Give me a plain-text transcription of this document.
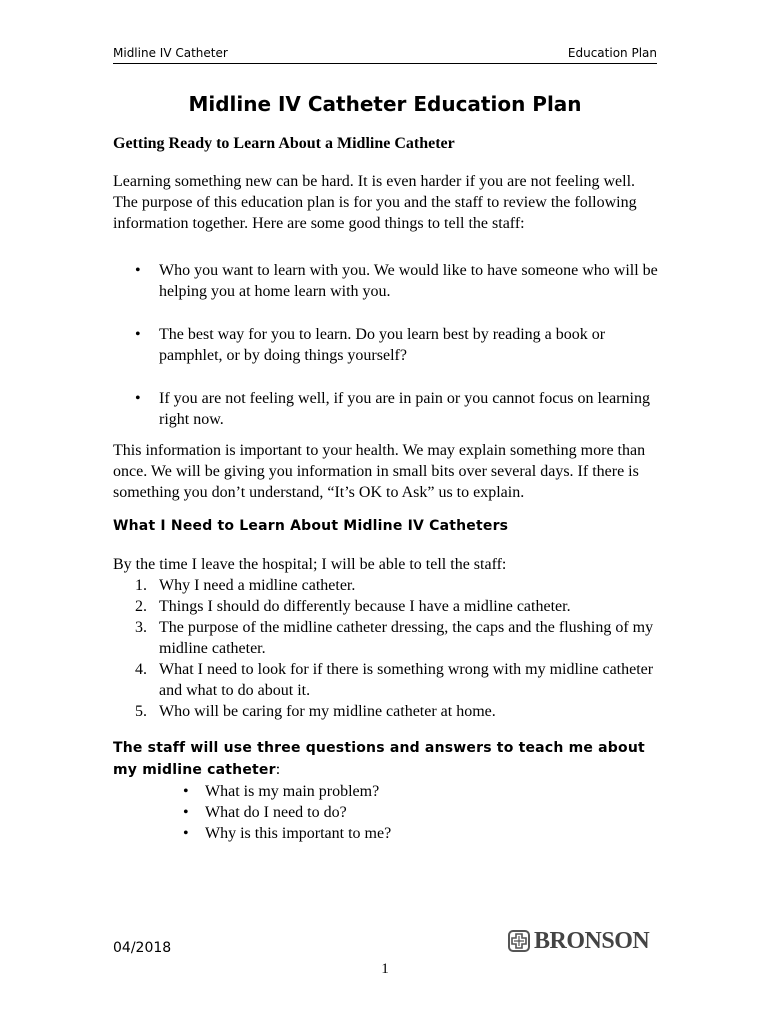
Midline IV Catheter	Education Plan
Midline IV Catheter Education Plan
Getting Ready to Learn About a Midline Catheter

Learning something new can be hard. It is even harder if you are not feeling well. The purpose of this education plan is for you and the staff to review the following information together. Here are some good things to tell the staff:

• Who you want to learn with you. We would like to have someone who will be helping you at home learn with you.
• The best way for you to learn. Do you learn best by reading a book or pamphlet, or by doing things yourself?
• If you are not feeling well, if you are in pain or you cannot focus on learning right now.

This information is important to your health. We may explain something more than once. We will be giving you information in small bits over several days. If there is something you don’t understand, “It’s OK to Ask” us to explain.

What I Need to Learn About Midline IV Catheters

By the time I leave the hospital; I will be able to tell the staff:

1. Why I need a midline catheter.
2. Things I should do differently because I have a midline catheter.
3. The purpose of the midline catheter dressing, the caps and the flushing of my midline catheter.
4. What I need to look for if there is something wrong with my midline catheter and what to do about it.
5. Who will be caring for my midline catheter at home.
The staff will use three questions and answers to teach me about my midline catheter:
• What is my main problem?
• What do I need to do?
• Why is this important to me?
04/2018	BRONSON
1
